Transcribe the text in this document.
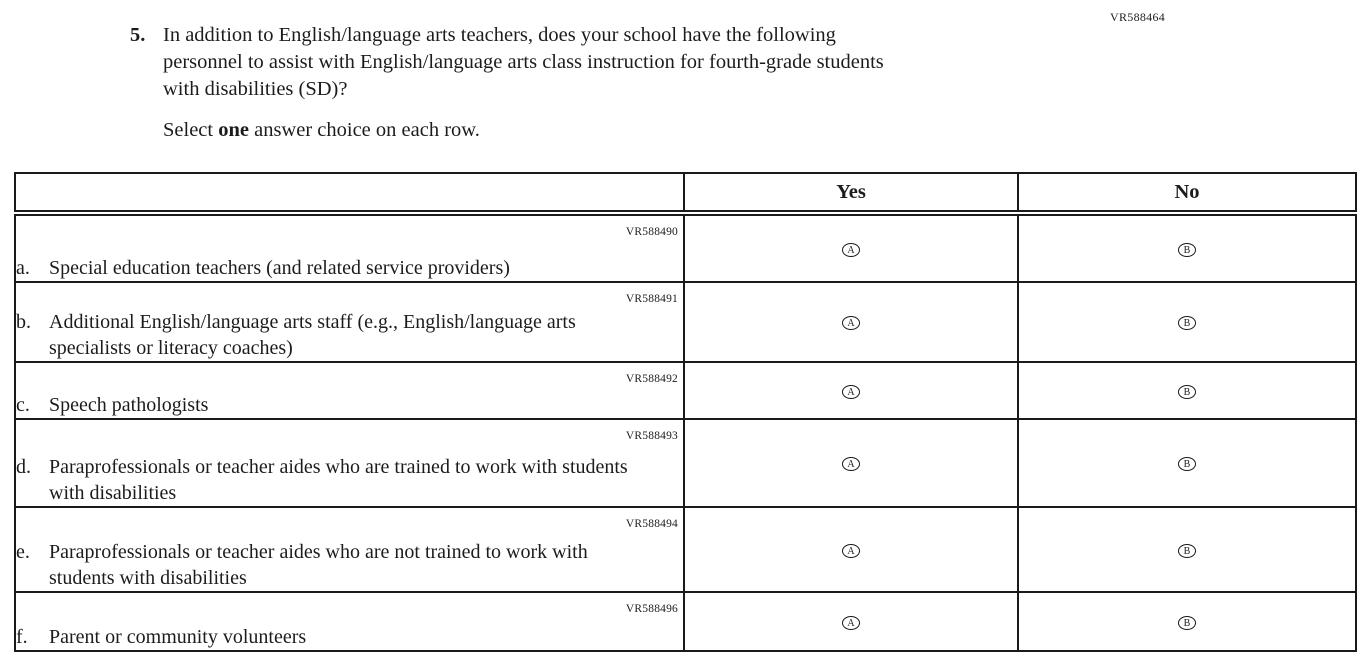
VR588464
5. In addition to English/language arts teachers, does your school have the following
personnel to assist with English/language arts class instruction for fourth-grade students
with disabilities (SD)?
Select one answer choice on each row.
	Yes	No

VR588490
a. Special education teachers (and related service providers)	A	B

VR588491
b. Additional English/language arts staff (e.g., English/language arts specialists or literacy coaches)	A	B

VR588492
c. Speech pathologists	A	B

VR588493
d. Paraprofessionals or teacher aides who are trained to work with students with disabilities	A	B

VR588494
e. Paraprofessionals or teacher aides who are not trained to work with students with disabilities	A	B

VR588496
f. Parent or community volunteers	A	B
